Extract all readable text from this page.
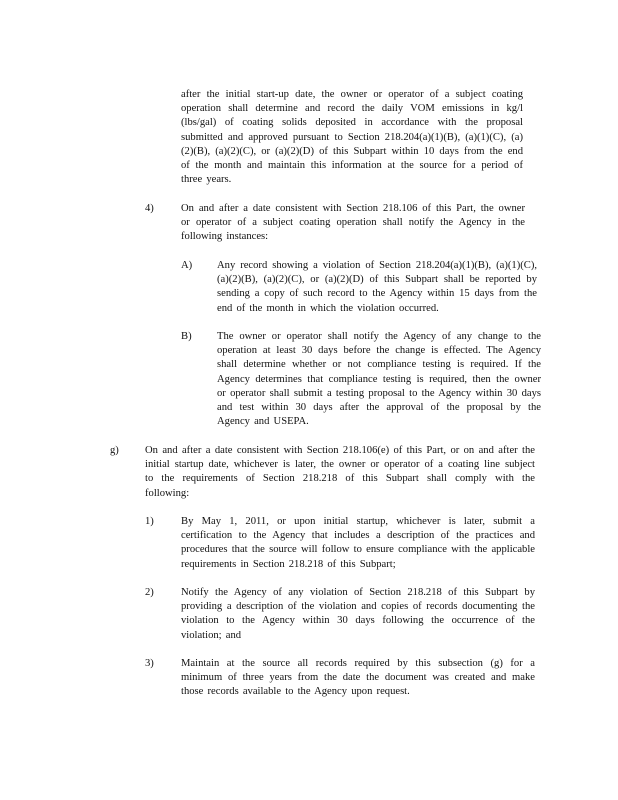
after the initial start-up date, the owner or operator of a subject coating operation shall determine and record the daily VOM emissions in kg/l (lbs/gal) of coating solids deposited in accordance with the proposal submitted and approved pursuant to Section 218.204(a)(1)(B), (a)(1)(C), (a)(2)(B), (a)(2)(C), or (a)(2)(D) of this Subpart within 10 days from the end of the month and maintain this information at the source for a period of three years.
4)	On and after a date consistent with Section 218.106 of this Part, the owner or operator of a subject coating operation shall notify the Agency in the following instances:
A) Any record showing a violation of Section 218.204(a)(1)(B), (a)(1)(C), (a)(2)(B), (a)(2)(C), or (a)(2)(D) of this Subpart shall be reported by sending a copy of such record to the Agency within 15 days from the end of the month in which the violation occurred.
B) The owner or operator shall notify the Agency of any change to the operation at least 30 days before the change is effected. The Agency shall determine whether or not compliance testing is required. If the Agency determines that compliance testing is required, then the owner or operator shall submit a testing proposal to the Agency within 30 days and test within 30 days after the approval of the proposal by the Agency and USEPA.
g) On and after a date consistent with Section 218.106(e) of this Part, or on and after the initial startup date, whichever is later, the owner or operator of a coating line subject to the requirements of Section 218.218 of this Subpart shall comply with the following:
1)	By May 1, 2011, or upon initial startup, whichever is later, submit a certification to the Agency that includes a description of the practices and procedures that the source will follow to ensure compliance with the applicable requirements in Section 218.218 of this Subpart;
2)	Notify the Agency of any violation of Section 218.218 of this Subpart by providing a description of the violation and copies of records documenting the violation to the Agency within 30 days following the occurrence of the violation; and
3)	Maintain at the source all records required by this subsection (g) for a minimum of three years from the date the document was created and make those records available to the Agency upon request.
